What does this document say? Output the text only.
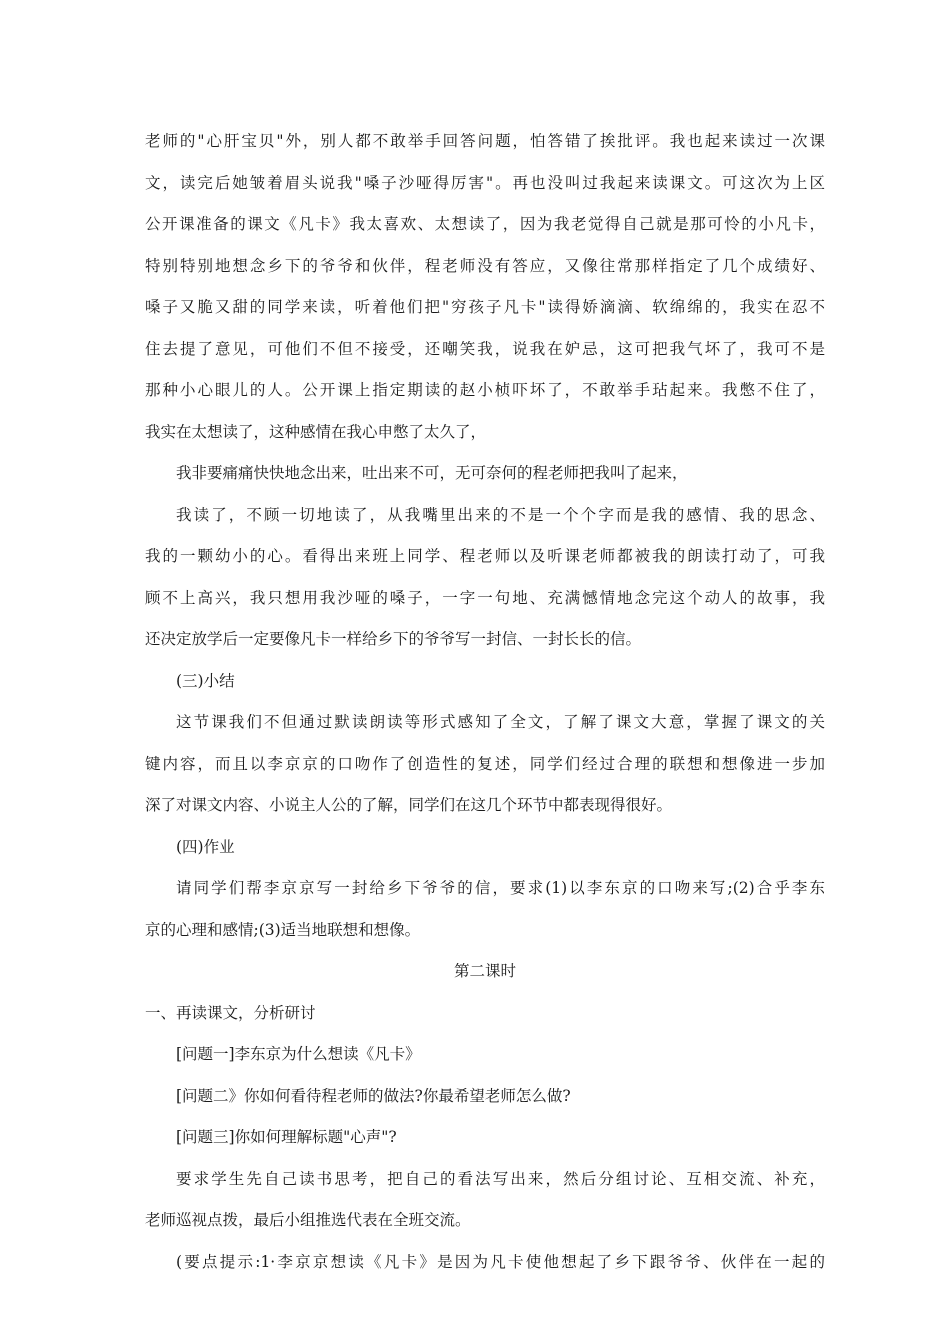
老师的"心肝宝贝"外，别人都不敢举手回答问题，怕答错了挨批评。我也起来读过一次课
文，读完后她皱着眉头说我"嗓子沙哑得厉害"。再也没叫过我起来读课文。可这次为上区
公开课准备的课文《凡卡》我太喜欢、太想读了，因为我老觉得自己就是那可怜的小凡卡，
特别特别地想念乡下的爷爷和伙伴，程老师没有答应，又像往常那样指定了几个成绩好、
嗓子又脆又甜的同学来读，听着他们把"穷孩子凡卡"读得娇滴滴、软绵绵的，我实在忍不
住去提了意见，可他们不但不接受，还嘲笑我，说我在妒忌，这可把我气坏了，我可不是
那种小心眼儿的人。公开课上指定期读的赵小桢吓坏了，不敢举手玷起来。我憋不住了，
我实在太想读了，这种感情在我心申憋了太久了，
我非要痛痛快快地念出来，吐出来不可，无可奈何的程老师把我叫了起来，
我读了，不顾一切地读了，从我嘴里出来的不是一个个字而是我的感情、我的思念、
我的一颗幼小的心。看得出来班上同学、程老师以及听课老师都被我的朗读打动了，可我
顾不上高兴，我只想用我沙哑的嗓子，一字一句地、充满憾情地念完这个动人的故事，我
还决定放学后一定要像凡卡一样给乡下的爷爷写一封信、一封长长的信。
(三)小结
这节课我们不但通过默读朗读等形式感知了全文，了解了课文大意，掌握了课文的关
键内容，而且以李京京的口吻作了创造性的复述，同学们经过合理的联想和想像进一步加
深了对课文内容、小说主人公的了解，同学们在这几个环节中都表现得很好。
(四)作业
请同学们帮李京京写一封给乡下爷爷的信，要求(1)以李东京的口吻来写;(2)合乎李东
京的心理和感情;(3)适当地联想和想像。
第二课时
一、再读课文，分析研讨
[问题一]李东京为什么想读《凡卡》
[问题二》你如何看待程老师的做法?你最希望老师怎么做?
[问题三]你如何理解标题"心声"?
要求学生先自己读书思考，把自己的看法写出来，然后分组讨论、互相交流、补充，
老师巡视点拨，最后小组推选代表在全班交流。
(要点提示:1·李京京想读《凡卡》是因为凡卡使他想起了乡下跟爷爷、伙伴在一起的
